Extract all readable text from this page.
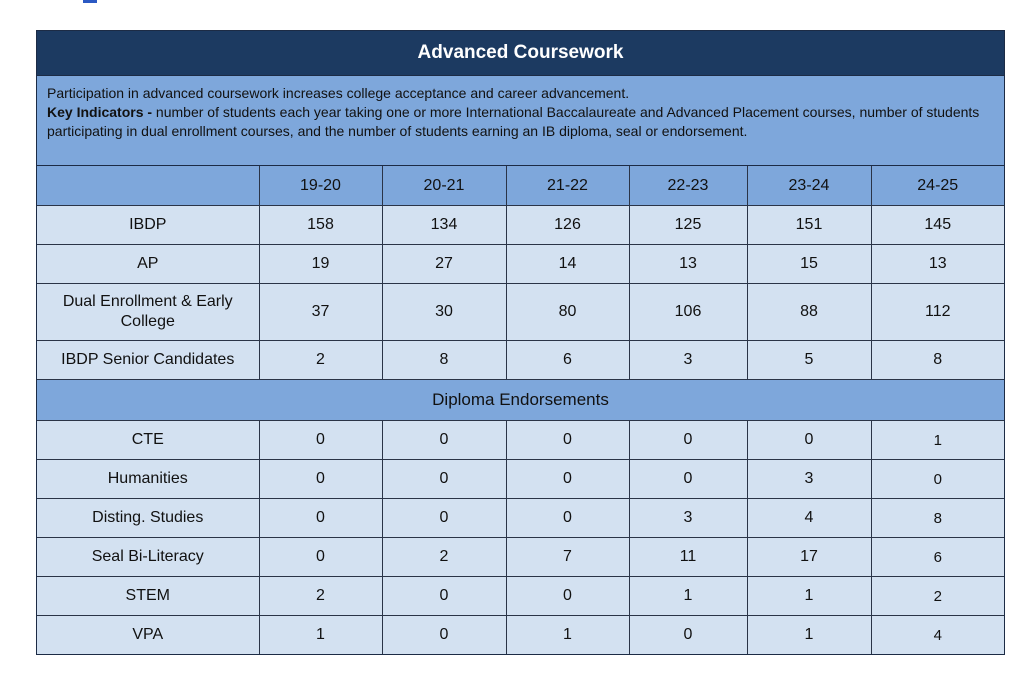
Advanced Coursework
Participation in advanced coursework increases college acceptance and career advancement.
Key Indicators - number of students each year taking one or more International Baccalaureate and Advanced Placement courses, number of students participating in dual enrollment courses, and the number of students earning an IB diploma, seal or endorsement.
	19-20	20-21	21-22	22-23	23-24	24-25
IBDP	158	134	126	125	151	145
AP	19	27	14	13	15	13
Dual Enrollment & Early College	37	30	80	106	88	112
IBDP Senior Candidates	2	8	6	3	5	8
Diploma Endorsements						
CTE	0	0	0	0	0	1
Humanities	0	0	0	0	3	0
Disting. Studies	0	0	0	3	4	8
Seal Bi-Literacy	0	2	7	11	17	6
STEM	2	0	0	1	1	2
VPA	1	0	1	0	1	4
